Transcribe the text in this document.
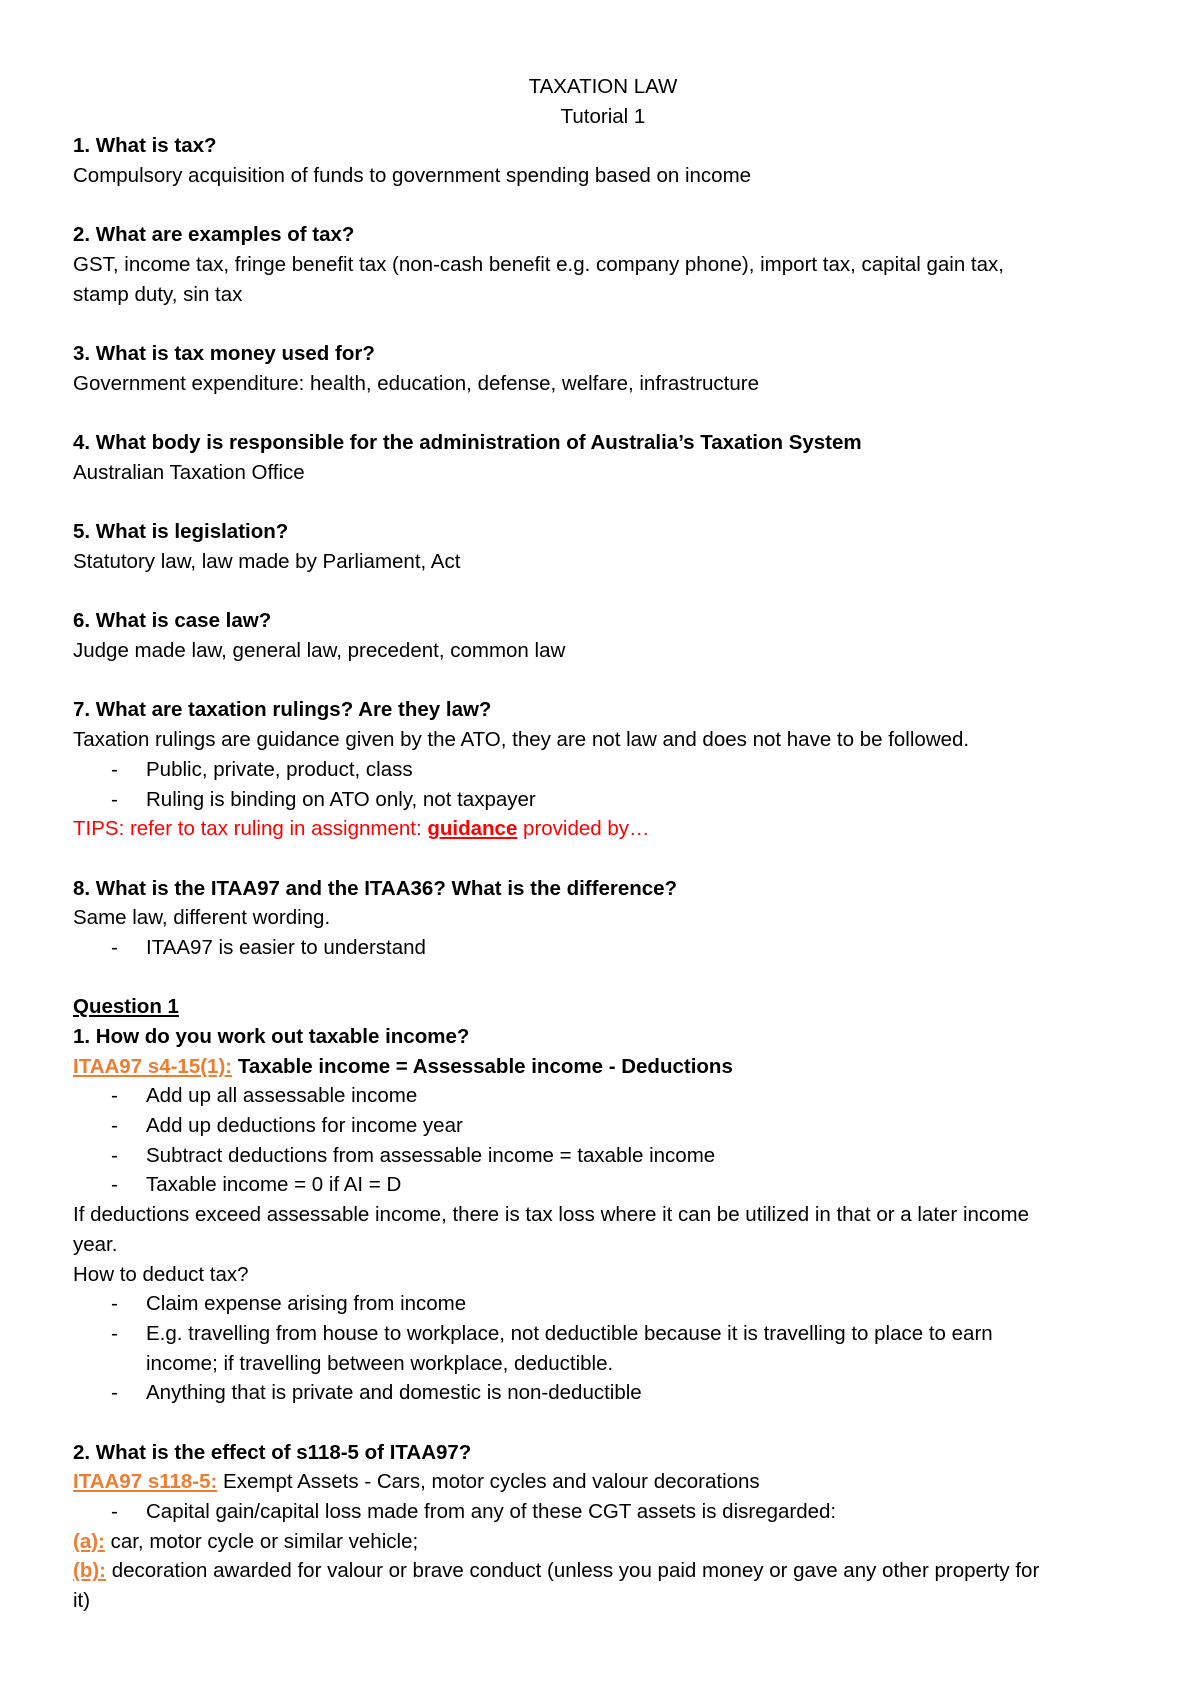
TAXATION LAW
Tutorial 1
1. What is tax?
Compulsory acquisition of funds to government spending based on income
2. What are examples of tax?
GST, income tax, fringe benefit tax (non-cash benefit e.g. company phone), import tax, capital gain tax,
stamp duty, sin tax
3. What is tax money used for?
Government expenditure: health, education, defense, welfare, infrastructure
4. What body is responsible for the administration of Australia’s Taxation System
Australian Taxation Office
5. What is legislation?
Statutory law, law made by Parliament, Act
6. What is case law?
Judge made law, general law, precedent, common law
7. What are taxation rulings? Are they law?
Taxation rulings are guidance given by the ATO, they are not law and does not have to be followed.
- Public, private, product, class
- Ruling is binding on ATO only, not taxpayer
TIPS: refer to tax ruling in assignment: guidance provided by…
8. What is the ITAA97 and the ITAA36? What is the difference?
Same law, different wording.
- ITAA97 is easier to understand
Question 1
1. How do you work out taxable income?
ITAA97 s4-15(1): Taxable income = Assessable income - Deductions
- Add up all assessable income
- Add up deductions for income year
- Subtract deductions from assessable income = taxable income
- Taxable income = 0 if AI = D
If deductions exceed assessable income, there is tax loss where it can be utilized in that or a later income
year.
How to deduct tax?
- Claim expense arising from income
- E.g. travelling from house to workplace, not deductible because it is travelling to place to earn
income; if travelling between workplace, deductible.
- Anything that is private and domestic is non-deductible
2. What is the effect of s118-5 of ITAA97?
ITAA97 s118-5: Exempt Assets - Cars, motor cycles and valour decorations
- Capital gain/capital loss made from any of these CGT assets is disregarded:
(a): car, motor cycle or similar vehicle;
(b): decoration awarded for valour or brave conduct (unless you paid money or gave any other property for
it)
